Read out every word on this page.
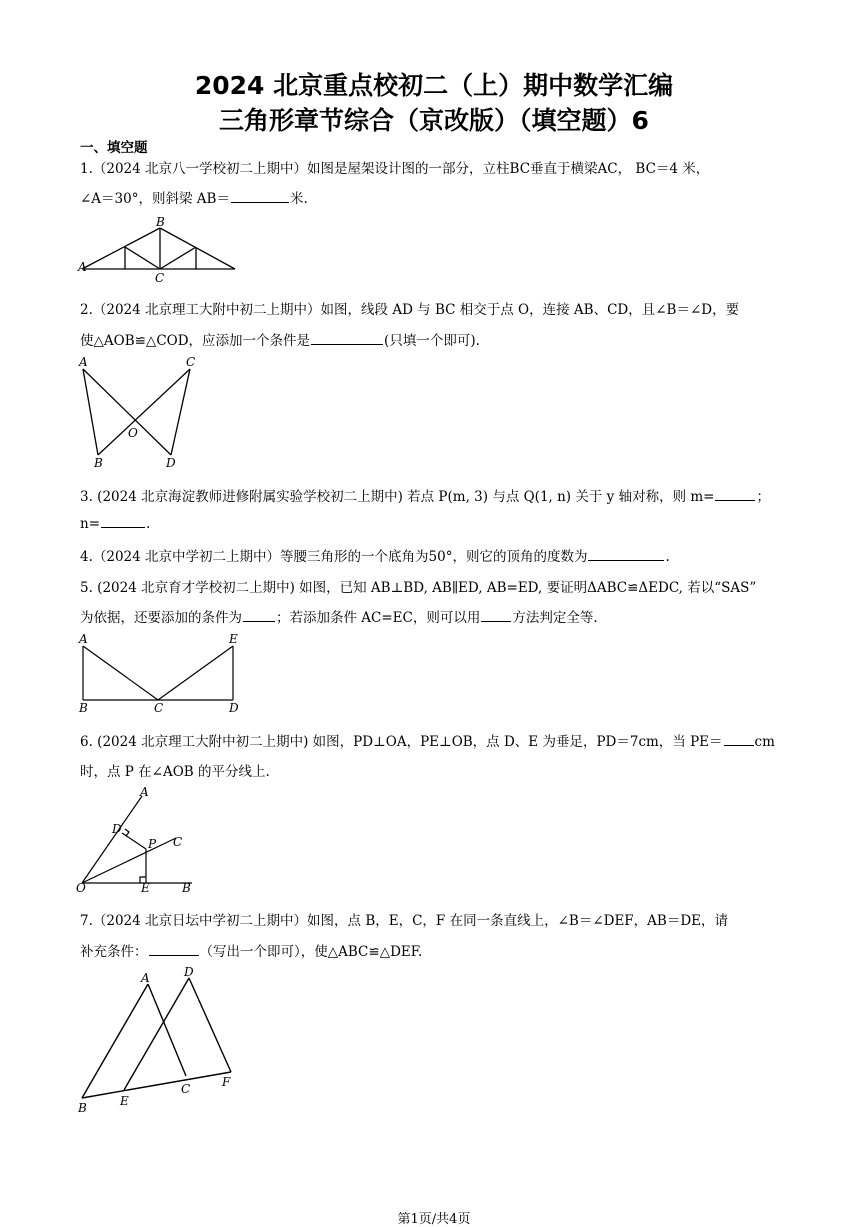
2024 北京重点校初二（上）期中数学汇编
三角形章节综合（京改版）（填空题）6
一、填空题
1.（2024 北京八一学校初二上期中）如图是屋架设计图的一部分，立柱BC垂直于横梁AC， BC＝4 米，
∠A＝30°，则斜梁 AB＝	米.
B
A
C
2.（2024 北京理工大附中初二上期中）如图，线段 AD 与 BC 相交于点 O，连接 AB、CD，且∠B＝∠D，要
使△AOB≌△COD，应添加一个条件是	(只填一个即可).
A	C
O
B	D
3. (2024 北京海淀教师进修附属实验学校初二上期中) 若点 P(m, 3) 与点 Q(1, n) 关于 y 轴对称，则 m=	；
n=	.
4.（2024 北京中学初二上期中）等腰三角形的一个底角为50°，则它的顶角的度数为	.
5. (2024 北京育才学校初二上期中) 如图，已知 AB⊥BD, AB∥ED, AB=ED, 要证明ΔABC≌ΔEDC, 若以“SAS”
为依据，还要添加的条件为	；若添加条件 AC=EC，则可以用 方法判定全等.
A	E
B	C	D
6. (2024 北京理工大附中初二上期中) 如图，PD⊥OA，PE⊥OB，点 D、E 为垂足，PD＝7cm，当 PE＝ cm
时，点 P 在∠AOB 的平分线上.
A
D
P C
O	E	B
7.（2024 北京日坛中学初二上期中）如图，点 B，E，C，F 在同一条直线上，∠B＝∠DEF，AB＝DE，请
补充条件：	（写出一个即可），使△ABC≌△DEF.
A	D
B	E
C	F
第1页/共4页
